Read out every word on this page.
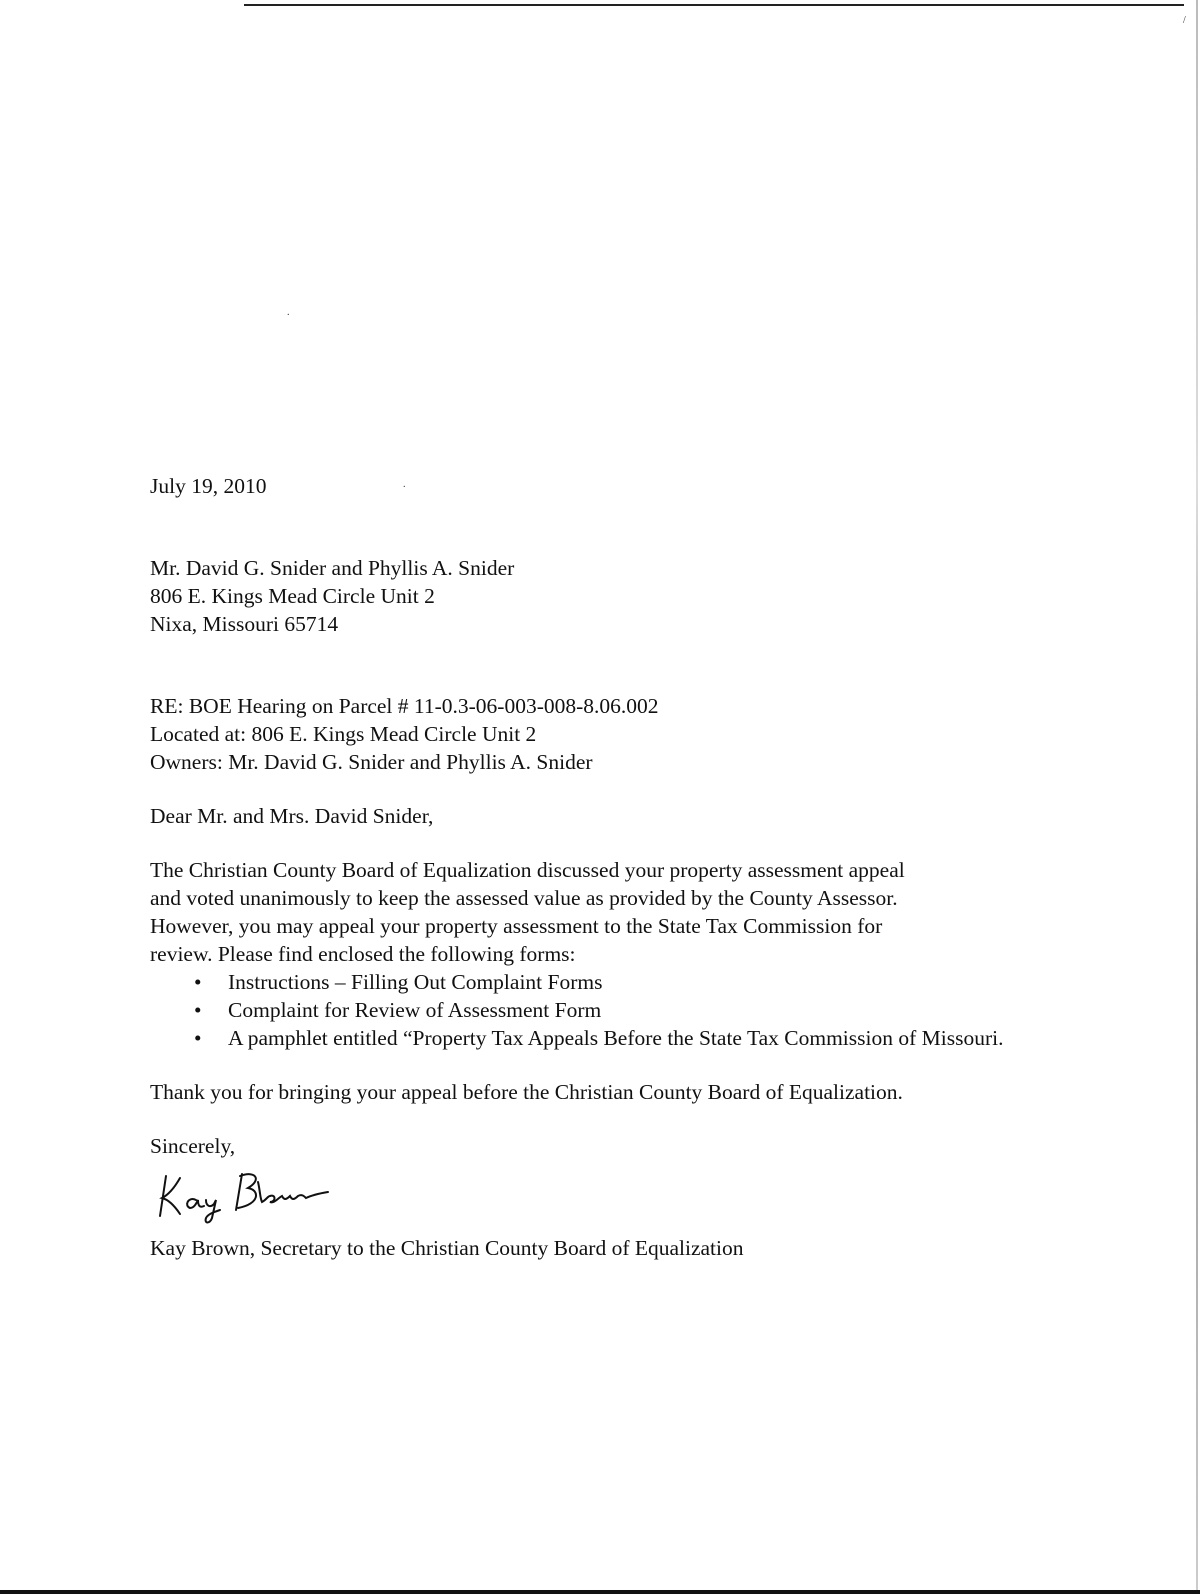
/
.
.

July 19, 2010

Mr. David G. Snider and Phyllis A. Snider

806 E. Kings Mead Circle Unit 2

Nixa, Missouri 65714

RE: BOE Hearing on Parcel # 11-0.3-06-003-008-8.06.002

Located at: 806 E. Kings Mead Circle Unit 2

Owners: Mr. David G. Snider and Phyllis A. Snider

Dear Mr. and Mrs. David Snider,

The Christian County Board of Equalization discussed your property assessment appeal

and voted unanimously to keep the assessed value as provided by the County Assessor.

However, you may appeal your property assessment to the State Tax Commission for

review. Please find enclosed the following forms:

• Instructions – Filling Out Complaint Forms
• Complaint for Review of Assessment Form
• A pamphlet entitled “Property Tax Appeals Before the State Tax Commission of Missouri.

Thank you for bringing your appeal before the Christian County Board of Equalization.

Sincerely,

Kay Brown, Secretary to the Christian County Board of Equalization
